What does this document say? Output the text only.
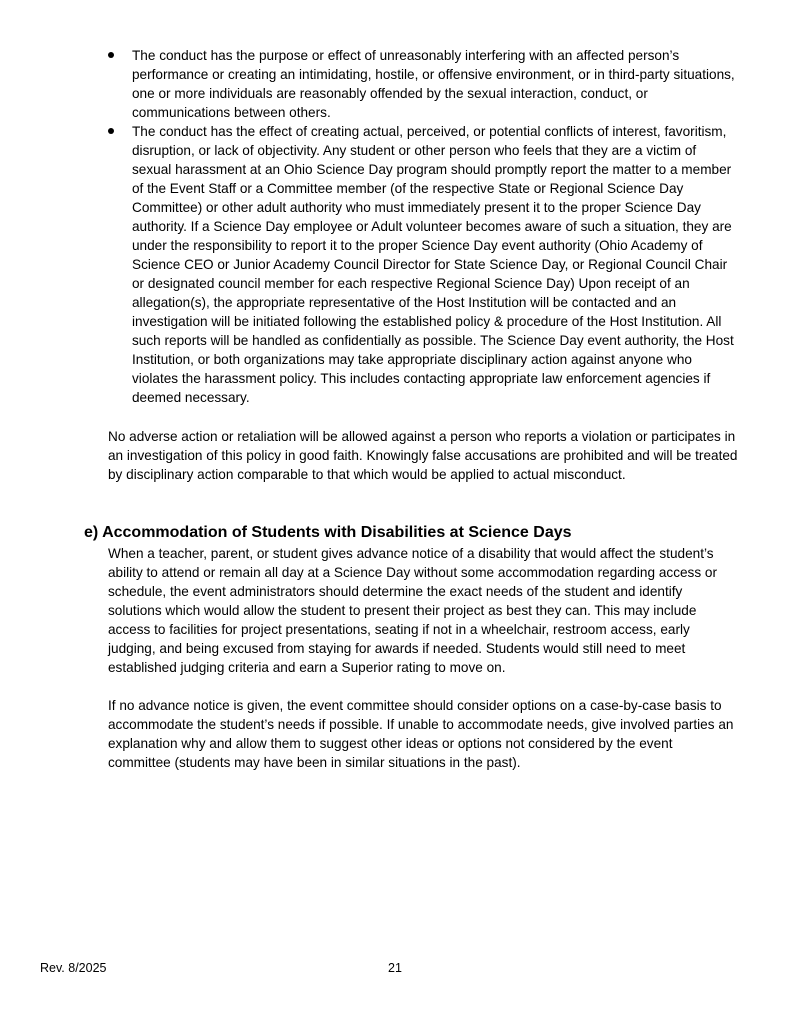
The conduct has the purpose or effect of unreasonably interfering with an affected person’s performance or creating an intimidating, hostile, or offensive environment, or in third-party situations, one or more individuals are reasonably offended by the sexual interaction, conduct, or communications between others.
The conduct has the effect of creating actual, perceived, or potential conflicts of interest, favoritism, disruption, or lack of objectivity. Any student or other person who feels that they are a victim of sexual harassment at an Ohio Science Day program should promptly report the matter to a member of the Event Staff or a Committee member (of the respective State or Regional Science Day Committee) or other adult authority who must immediately present it to the proper Science Day authority. If a Science Day employee or Adult volunteer becomes aware of such a situation, they are under the responsibility to report it to the proper Science Day event authority (Ohio Academy of Science CEO or Junior Academy Council Director for State Science Day, or Regional Council Chair or designated council member for each respective Regional Science Day) Upon receipt of an allegation(s), the appropriate representative of the Host Institution will be contacted and an investigation will be initiated following the established policy & procedure of the Host Institution. All such reports will be handled as confidentially as possible. The Science Day event authority, the Host Institution, or both organizations may take appropriate disciplinary action against anyone who violates the harassment policy. This includes contacting appropriate law enforcement agencies if deemed necessary.

No adverse action or retaliation will be allowed against a person who reports a violation or participates in an investigation of this policy in good faith. Knowingly false accusations are prohibited and will be treated by disciplinary action comparable to that which would be applied to actual misconduct.

e) Accommodation of Students with Disabilities at Science Days

When a teacher, parent, or student gives advance notice of a disability that would affect the student’s ability to attend or remain all day at a Science Day without some accommodation regarding access or schedule, the event administrators should determine the exact needs of the student and identify solutions which would allow the student to present their project as best they can. This may include access to facilities for project presentations, seating if not in a wheelchair, restroom access, early judging, and being excused from staying for awards if needed. Students would still need to meet established judging criteria and earn a Superior rating to move on.

If no advance notice is given, the event committee should consider options on a case-by-case basis to accommodate the student’s needs if possible. If unable to accommodate needs, give involved parties an explanation why and allow them to suggest other ideas or options not considered by the event committee (students may have been in similar situations in the past).

Rev. 8/2025	21
